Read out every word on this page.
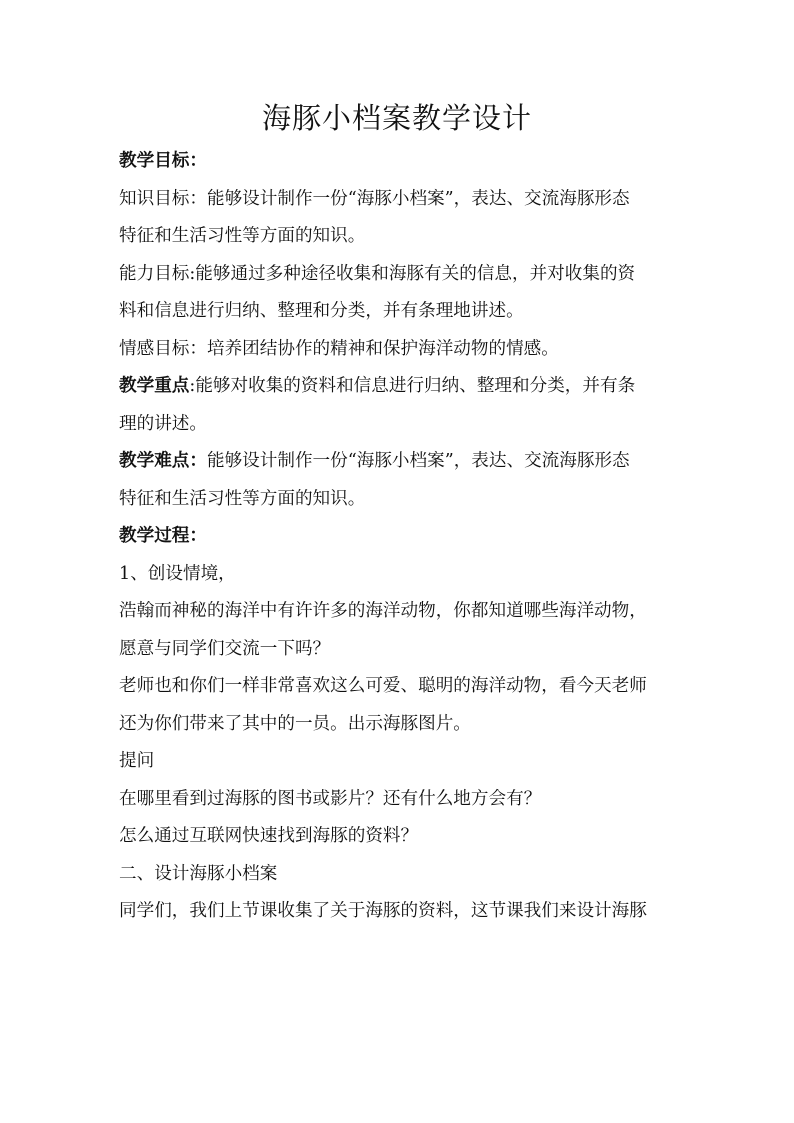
海豚小档案教学设计

教学目标：

知识目标：能够设计制作一份“海豚小档案”，表达、交流海豚形态

特征和生活习性等方面的知识。

能力目标:能够通过多种途径收集和海豚有关的信息，并对收集的资

料和信息进行归纳、整理和分类，并有条理地讲述。

情感目标：培养团结协作的精神和保护海洋动物的情感。

教学重点:能够对收集的资料和信息进行归纳、整理和分类，并有条

理的讲述。

教学难点：能够设计制作一份“海豚小档案”，表达、交流海豚形态

特征和生活习性等方面的知识。

教学过程：

1、创设情境，

浩翰而神秘的海洋中有许许多的海洋动物，你都知道哪些海洋动物，

愿意与同学们交流一下吗？

老师也和你们一样非常喜欢这么可爱、聪明的海洋动物，看今天老师

还为你们带来了其中的一员。出示海豚图片。

提问

在哪里看到过海豚的图书或影片？还有什么地方会有？

怎么通过互联网快速找到海豚的资料？

二、设计海豚小档案

同学们，我们上节课收集了关于海豚的资料，这节课我们来设计海豚
